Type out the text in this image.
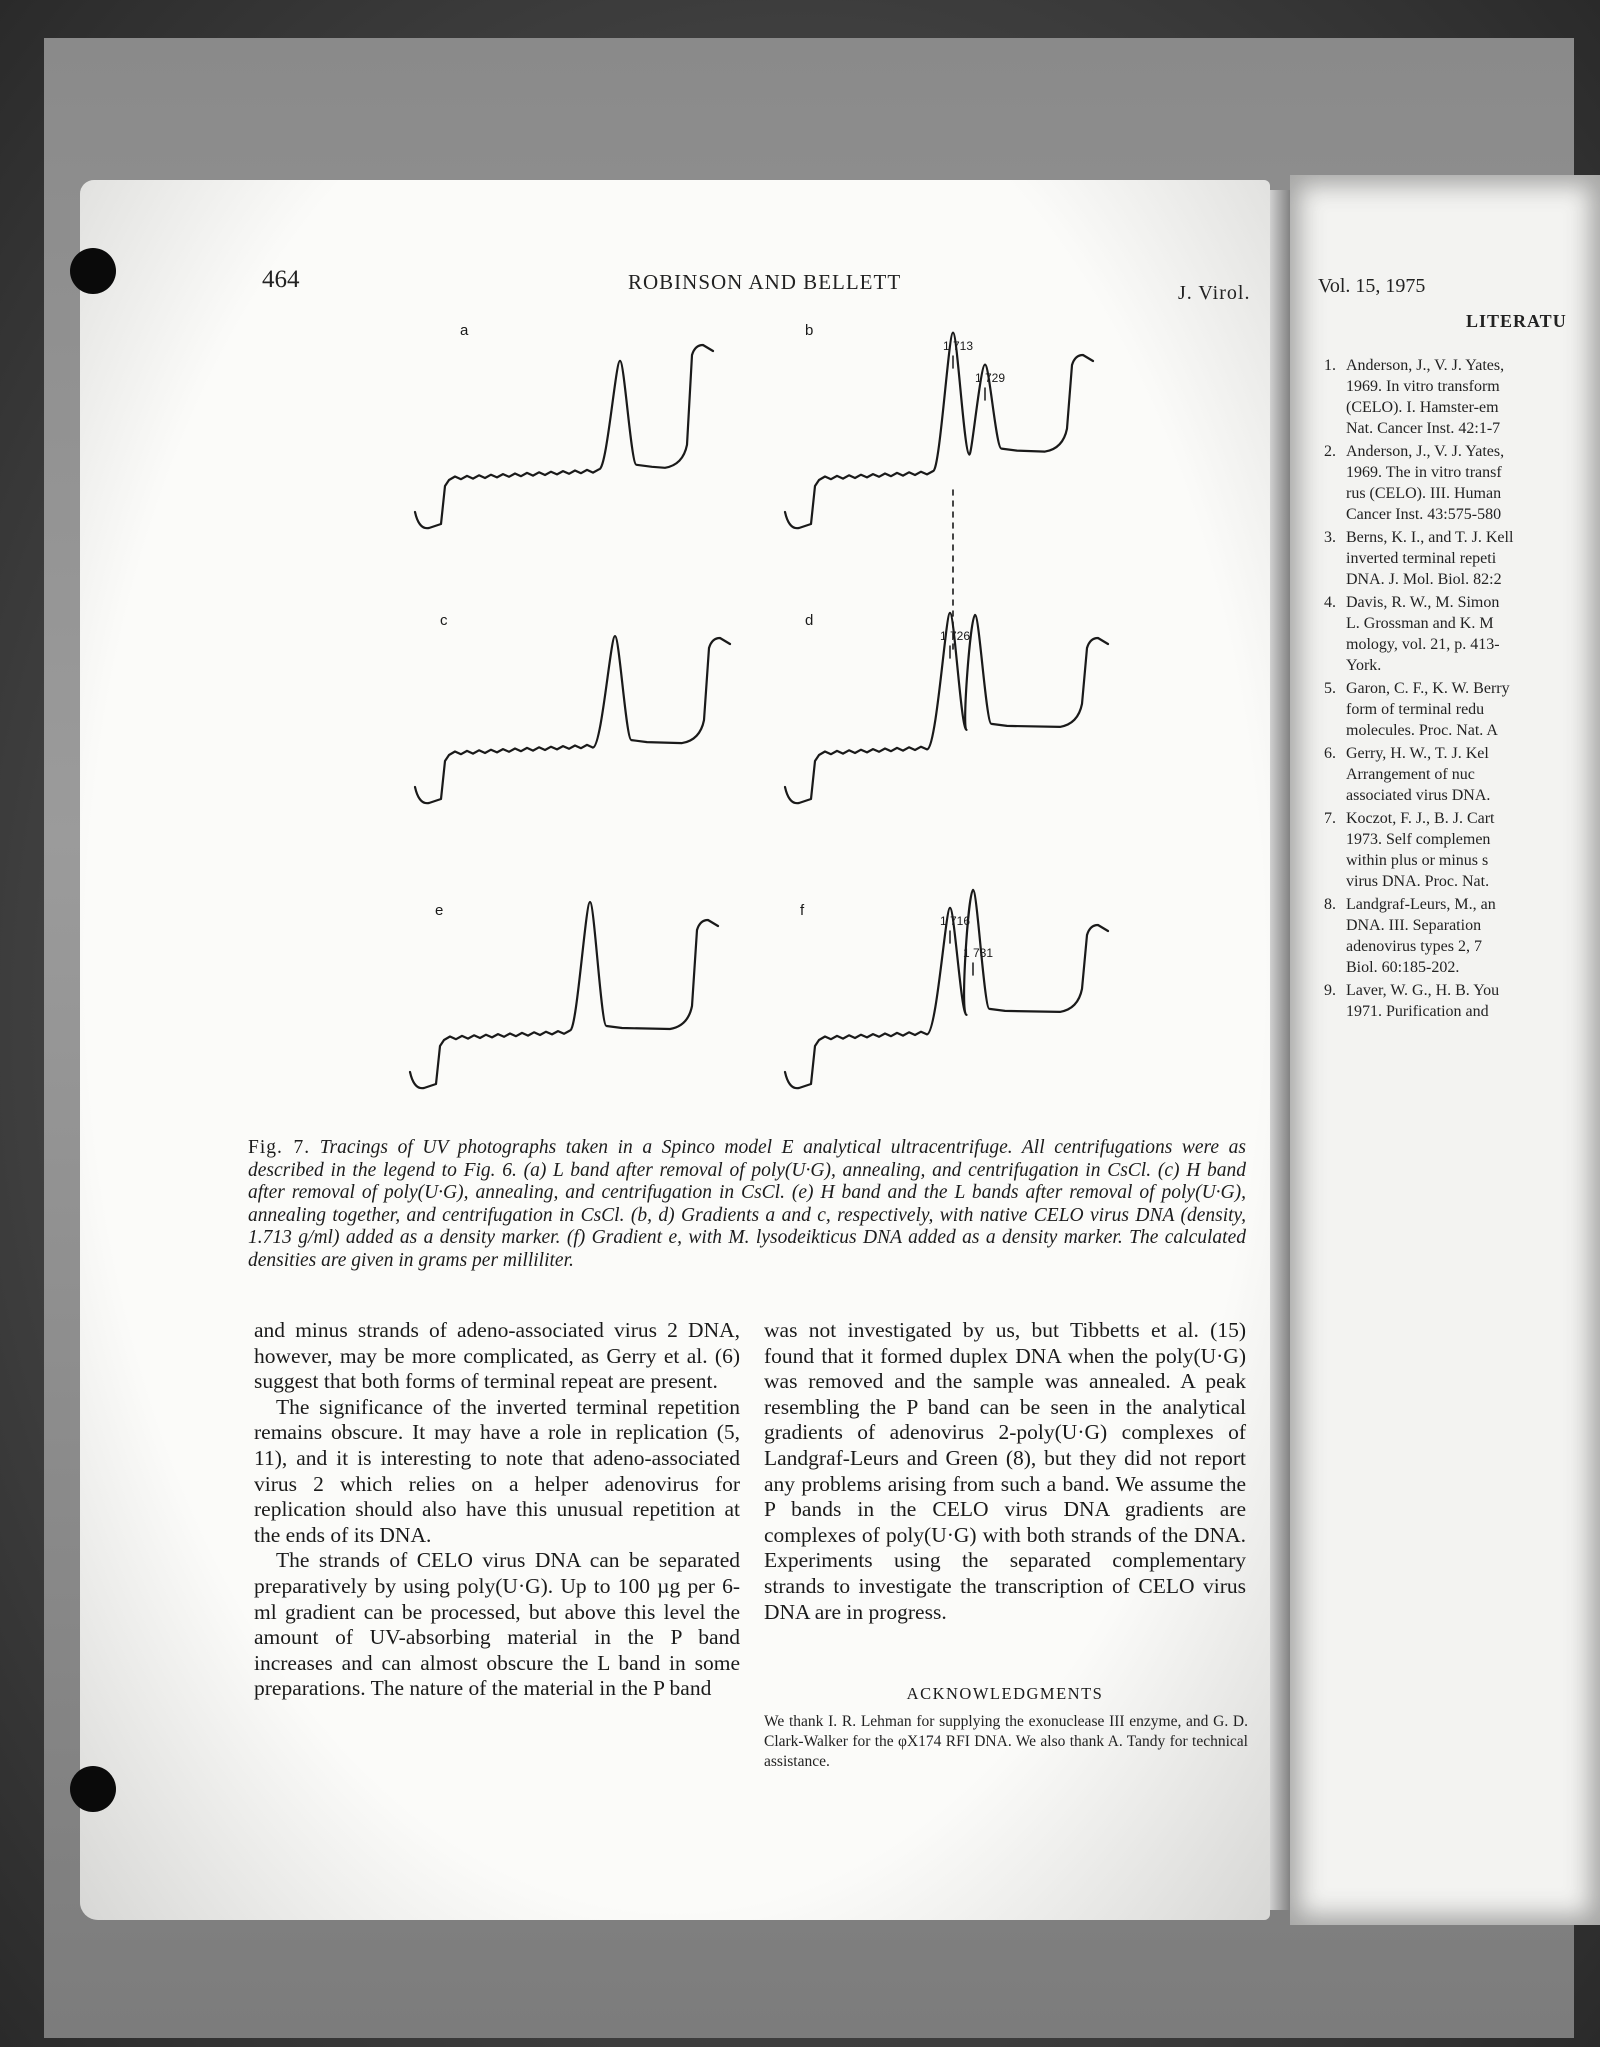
464	ROBINSON AND BELLETT	J. Virol.
a	b
1 713
1 729
c	d
1 726
e	f
1 716
1 731
Fig. 7. Tracings of UV photographs taken in a Spinco model E analytical ultracentrifuge. All centrifugations were as described in the legend to Fig. 6. (a) L band after removal of poly(U·G), annealing, and centrifugation in CsCl. (c) H band after removal of poly(U·G), annealing, and centrifugation in CsCl. (e) H band and the L bands after removal of poly(U·G), annealing together, and centrifugation in CsCl. (b, d) Gradients a and c, respectively, with native CELO virus DNA (density, 1.713 g/ml) added as a density marker. (f) Gradient e, with M. lysodeikticus DNA added as a density marker. The calculated densities are given in grams per milliliter.

and minus strands of adeno-associated virus 2 DNA, however, may be more complicated, as Gerry et al. (6) suggest that both forms of terminal repeat are present.

The significance of the inverted terminal repetition remains obscure. It may have a role in replication (5, 11), and it is interesting to note that adeno-associated virus 2 which relies on a helper adenovirus for replication should also have this unusual repetition at the ends of its DNA.

The strands of CELO virus DNA can be separated preparatively by using poly(U·G). Up to 100 µg per 6-ml gradient can be processed, but above this level the amount of UV-absorbing material in the P band increases and can almost obscure the L band in some preparations. The nature of the material in the P band

was not investigated by us, but Tibbetts et al. (15) found that it formed duplex DNA when the poly(U·G) was removed and the sample was annealed. A peak resembling the P band can be seen in the analytical gradients of adenovirus 2-poly(U·G) complexes of Landgraf-Leurs and Green (8), but they did not report any problems arising from such a band. We assume the P bands in the CELO virus DNA gradients are complexes of poly(U·G) with both strands of the DNA. Experiments using the separated complementary strands to investigate the transcription of CELO virus DNA are in progress.

ACKNOWLEDGMENTS
We thank I. R. Lehman for supplying the exonuclease III enzyme, and G. D. Clark-Walker for the φX174 RFI DNA. We also thank A. Tandy for technical assistance.
Vol. 15, 1975
LITERATU
1. Anderson, J., V. J. Yates,
1969. In vitro transform
(CELO). I. Hamster-em
Nat. Cancer Inst. 42:1-7
2. Anderson, J., V. J. Yates,
1969. The in vitro transf
rus (CELO). III. Human
Cancer Inst. 43:575-580
3. Berns, K. I., and T. J. Kell
inverted terminal repeti
DNA. J. Mol. Biol. 82:2
4. Davis, R. W., M. Simon
L. Grossman and K. M
mology, vol. 21, p. 413-
York.
5. Garon, C. F., K. W. Berry
form of terminal redu
molecules. Proc. Nat. A
6. Gerry, H. W., T. J. Kel
Arrangement of nuc
associated virus DNA.
7. Koczot, F. J., B. J. Cart
1973. Self complemen
within plus or minus s
virus DNA. Proc. Nat.
8. Landgraf-Leurs, M., an
DNA. III. Separation
adenovirus types 2, 7
Biol. 60:185-202.
9. Laver, W. G., H. B. You
1971. Purification and
